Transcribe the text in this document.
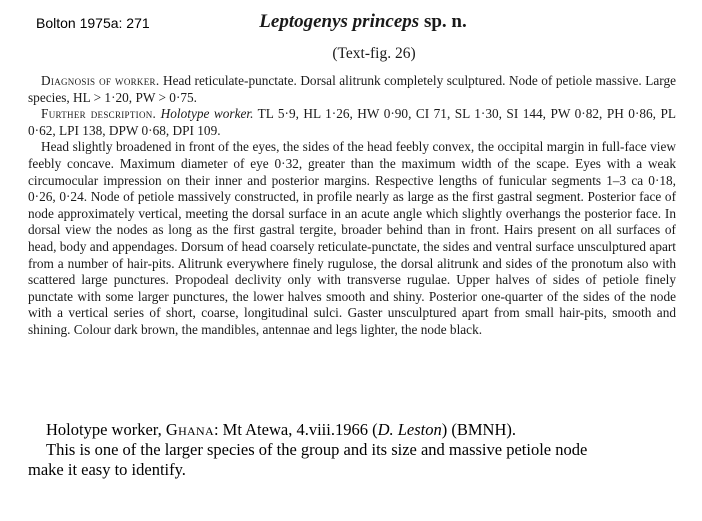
Bolton 1975a: 271	Leptogenys princeps sp. n.
(Text-fig. 26)

Diagnosis of worker. Head reticulate-punctate. Dorsal alitrunk completely sculptured. Node of petiole massive. Large species, HL > 1·20, PW > 0·75.

Further description. Holotype worker. TL 5·9, HL 1·26, HW 0·90, CI 71, SL 1·30, SI 144, PW 0·82, PH 0·86, PL 0·62, LPI 138, DPW 0·68, DPI 109.

Head slightly broadened in front of the eyes, the sides of the head feebly convex, the occipital margin in full-face view feebly concave. Maximum diameter of eye 0·32, greater than the maximum width of the scape. Eyes with a weak circumocular impression on their inner and posterior margins. Respective lengths of funicular segments 1–3 ca 0·18, 0·26, 0·24. Node of petiole massively constructed, in profile nearly as large as the first gastral segment. Posterior face of node approximately vertical, meeting the dorsal surface in an acute angle which slightly overhangs the posterior face. In dorsal view the nodes as long as the first gastral tergite, broader behind than in front. Hairs present on all surfaces of head, body and appendages. Dorsum of head coarsely reticulate-punctate, the sides and ventral surface unsculptured apart from a number of hair-pits. Alitrunk everywhere finely rugulose, the dorsal alitrunk and sides of the pronotum also with scattered large punctures. Propodeal declivity only with transverse rugulae. Upper halves of sides of petiole finely punctate with some larger punctures, the lower halves smooth and shiny. Posterior one-quarter of the sides of the node with a vertical series of short, coarse, longitudinal sulci. Gaster unsculptured apart from small hair-pits, smooth and shining. Colour dark brown, the mandibles, antennae and legs lighter, the node black.

Holotype worker, Ghana: Mt Atewa, 4.viii.1966 (D. Leston) (BMNH).

This is one of the larger species of the group and its size and massive petiole node

make it easy to identify.
